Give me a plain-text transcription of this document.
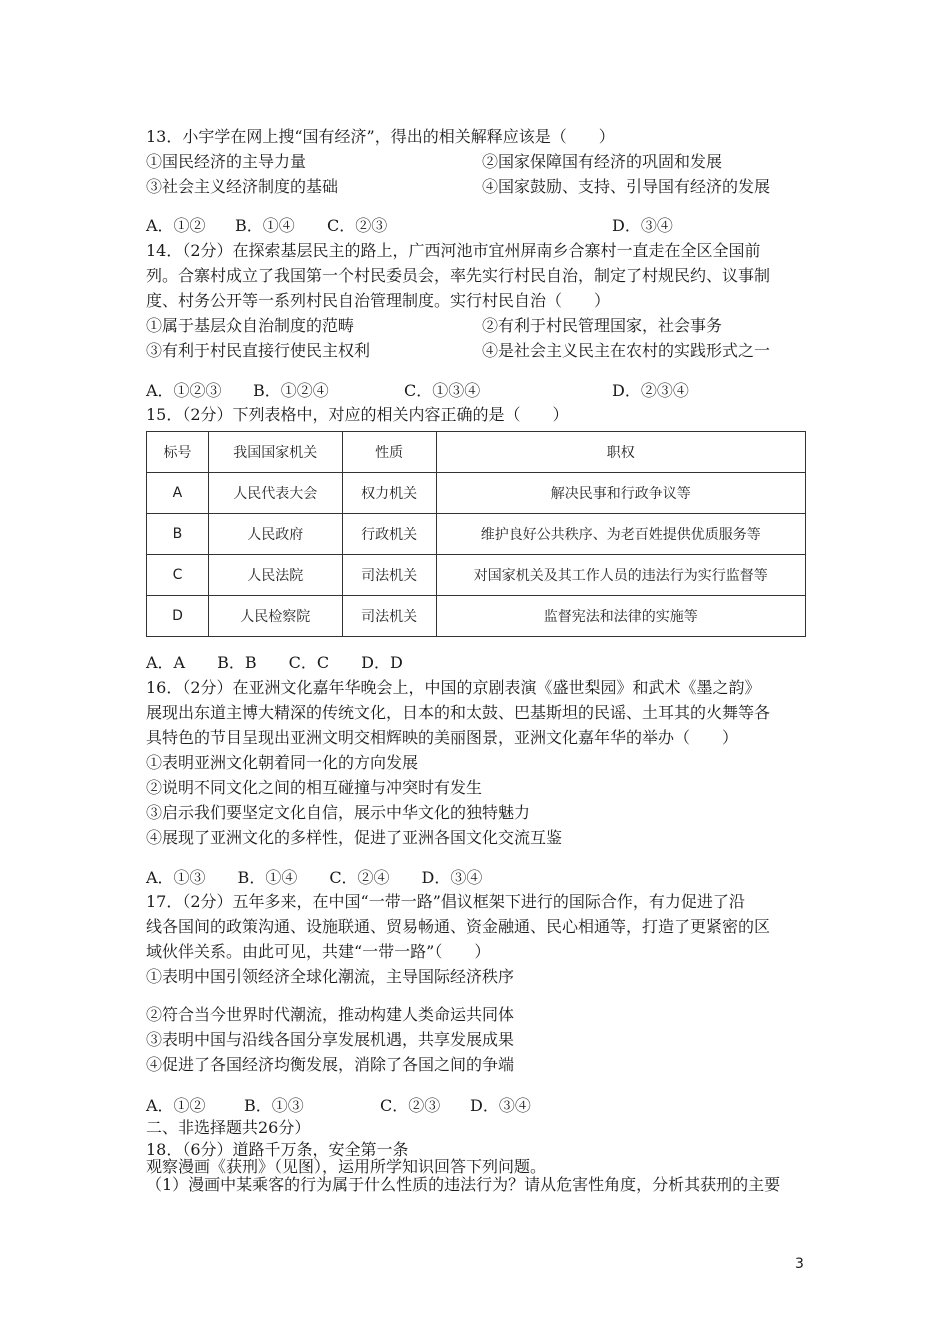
13．小宇学在网上搜“国有经济”，得出的相关解释应该是（　　）
①国民经济的主导力量	②国家保障国有经济的巩固和发展
③社会主义经济制度的基础	④国家鼓励、支持、引导国有经济的发展
A．①② B．①④ C．②③	D．③④
14．（2分）在探索基层民主的路上，广西河池市宜州屏南乡合寨村一直走在全区全国前
列。合寨村成立了我国第一个村民委员会，率先实行村民自治，制定了村规民约、议事制
度、村务公开等一系列村民自治管理制度。实行村民自治（　　）
①属于基层众自治制度的范畴	②有利于村民管理国家，社会事务
③有利于村民直接行使民主权利	④是社会主义民主在农村的实践形式之一
A．①②③ B．①②④	C．①③④	D．②③④
15．（2分）下列表格中，对应的相关内容正确的是（　　）
标号	我国国家机关	性质	职权
A	人民代表大会	权力机关	解决民事和行政争议等
B	人民政府	行政机关	维护良好公共秩序、为老百姓提供优质服务等
C	人民法院	司法机关	对国家机关及其工作人员的违法行为实行监督等
D	人民检察院	司法机关	监督宪法和法律的实施等
A．A　　B．B　　C．C　　D．D
16．（2分）在亚洲文化嘉年华晚会上，中国的京剧表演《盛世梨园》和武术《墨之韵》
展现出东道主博大精深的传统文化，日本的和太鼓、巴基斯坦的民谣、土耳其的火舞等各
具特色的节目呈现出亚洲文明交相辉映的美丽图景，亚洲文化嘉年华的举办（　　）
①表明亚洲文化朝着同一化的方向发展
②说明不同文化之间的相互碰撞与冲突时有发生
③启示我们要坚定文化自信，展示中华文化的独特魅力
④展现了亚洲文化的多样性，促进了亚洲各国文化交流互鉴
A．①③　　B．①④　　C．②④　　D．③④
17．（2分）五年多来，在中国“一带一路”倡议框架下进行的国际合作，有力促进了沿
线各国间的政策沟通、设施联通、贸易畅通、资金融通、民心相通等，打造了更紧密的区
域伙伴关系。由此可见，共建“一带一路”（　　）
①表明中国引领经济全球化潮流，主导国际经济秩序
②符合当今世界时代潮流，推动构建人类命运共同体
③表明中国与沿线各国分享发展机遇，共享发展成果
④促进了各国经济均衡发展，消除了各国之间的争端
A．①② B．①③	C．②③ D．③④
二、非选择题共26分）
18．（6分）道路千万条，安全第一条
观察漫画《获刑》（见图），运用所学知识回答下列问题。
（1）漫画中某乘客的行为属于什么性质的违法行为？请从危害性角度，分析其获刑的主要
3
